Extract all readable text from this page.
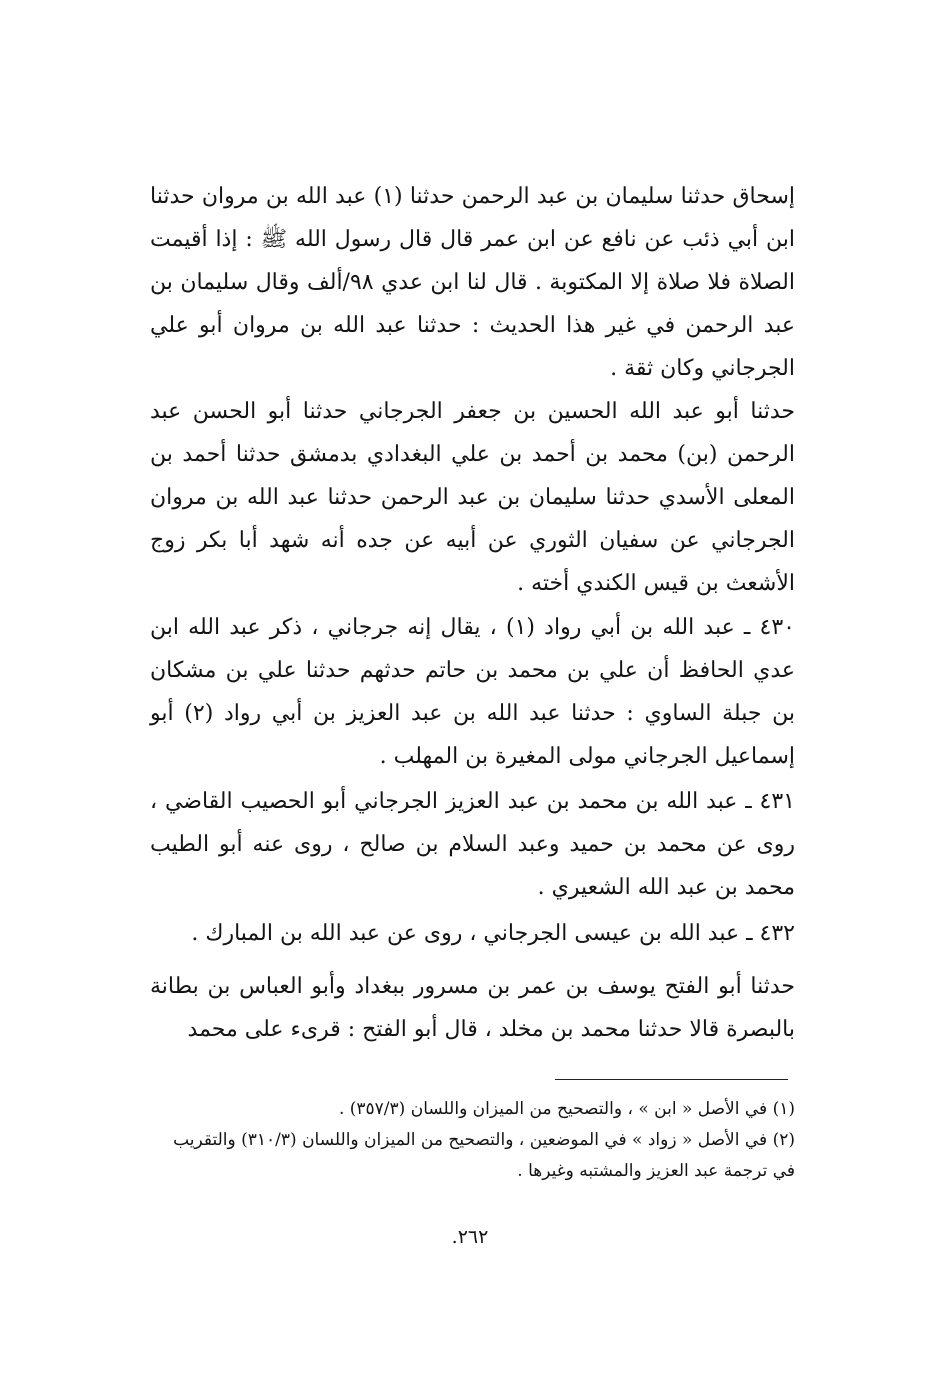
إسحاق حدثنا سليمان بن عبد الرحمن حدثنا (١) عبد الله بن مروان حدثنا ابن أبي ذئب عن نافع عن ابن عمر قال قال رسول الله ﷺ : إذا أقيمت الصلاة فلا صلاة إلا المكتوبة . قال لنا ابن عدي ٩٨/ألف وقال سليمان بن عبد الرحمن في غير هذا الحديث : حدثنا عبد الله بن مروان أبو علي الجرجاني وكان ثقة .

حدثنا أبو عبد الله الحسين بن جعفر الجرجاني حدثنا أبو الحسن عبد الرحمن (بن) محمد بن أحمد بن علي البغدادي بدمشق حدثنا أحمد بن المعلى الأسدي حدثنا سليمان بن عبد الرحمن حدثنا عبد الله بن مروان الجرجاني عن سفيان الثوري عن أبيه عن جده أنه شهد أبا بكر زوج الأشعث بن قيس الكندي أخته .

٤٣٠ ـ عبد الله بن أبي رواد (١) ، يقال إنه جرجاني ، ذكر عبد الله ابن عدي الحافظ أن علي بن محمد بن حاتم حدثهم حدثنا علي بن مشكان بن جبلة الساوي : حدثنا عبد الله بن عبد العزيز بن أبي رواد (٢) أبو إسماعيل الجرجاني مولى المغيرة بن المهلب .

٤٣١ ـ عبد الله بن محمد بن عبد العزيز الجرجاني أبو الحصيب القاضي ، روى عن محمد بن حميد وعبد السلام بن صالح ، روى عنه أبو الطيب محمد بن عبد الله الشعيري .

٤٣٢ ـ عبد الله بن عيسى الجرجاني ، روى عن عبد الله بن المبارك .

حدثنا أبو الفتح يوسف بن عمر بن مسرور ببغداد وأبو العباس بن بطانة بالبصرة قالا حدثنا محمد بن مخلد ، قال أبو الفتح : قرىء على محمد

(١) في الأصل « ابن » ، والتصحيح من الميزان واللسان (٣٥٧/٣) .

(٢) في الأصل « زواد » في الموضعين ، والتصحيح من الميزان واللسان (٣١٠/٣) والتقريب في ترجمة عبد العزيز والمشتبه وغيرها .

٢٦٢.
